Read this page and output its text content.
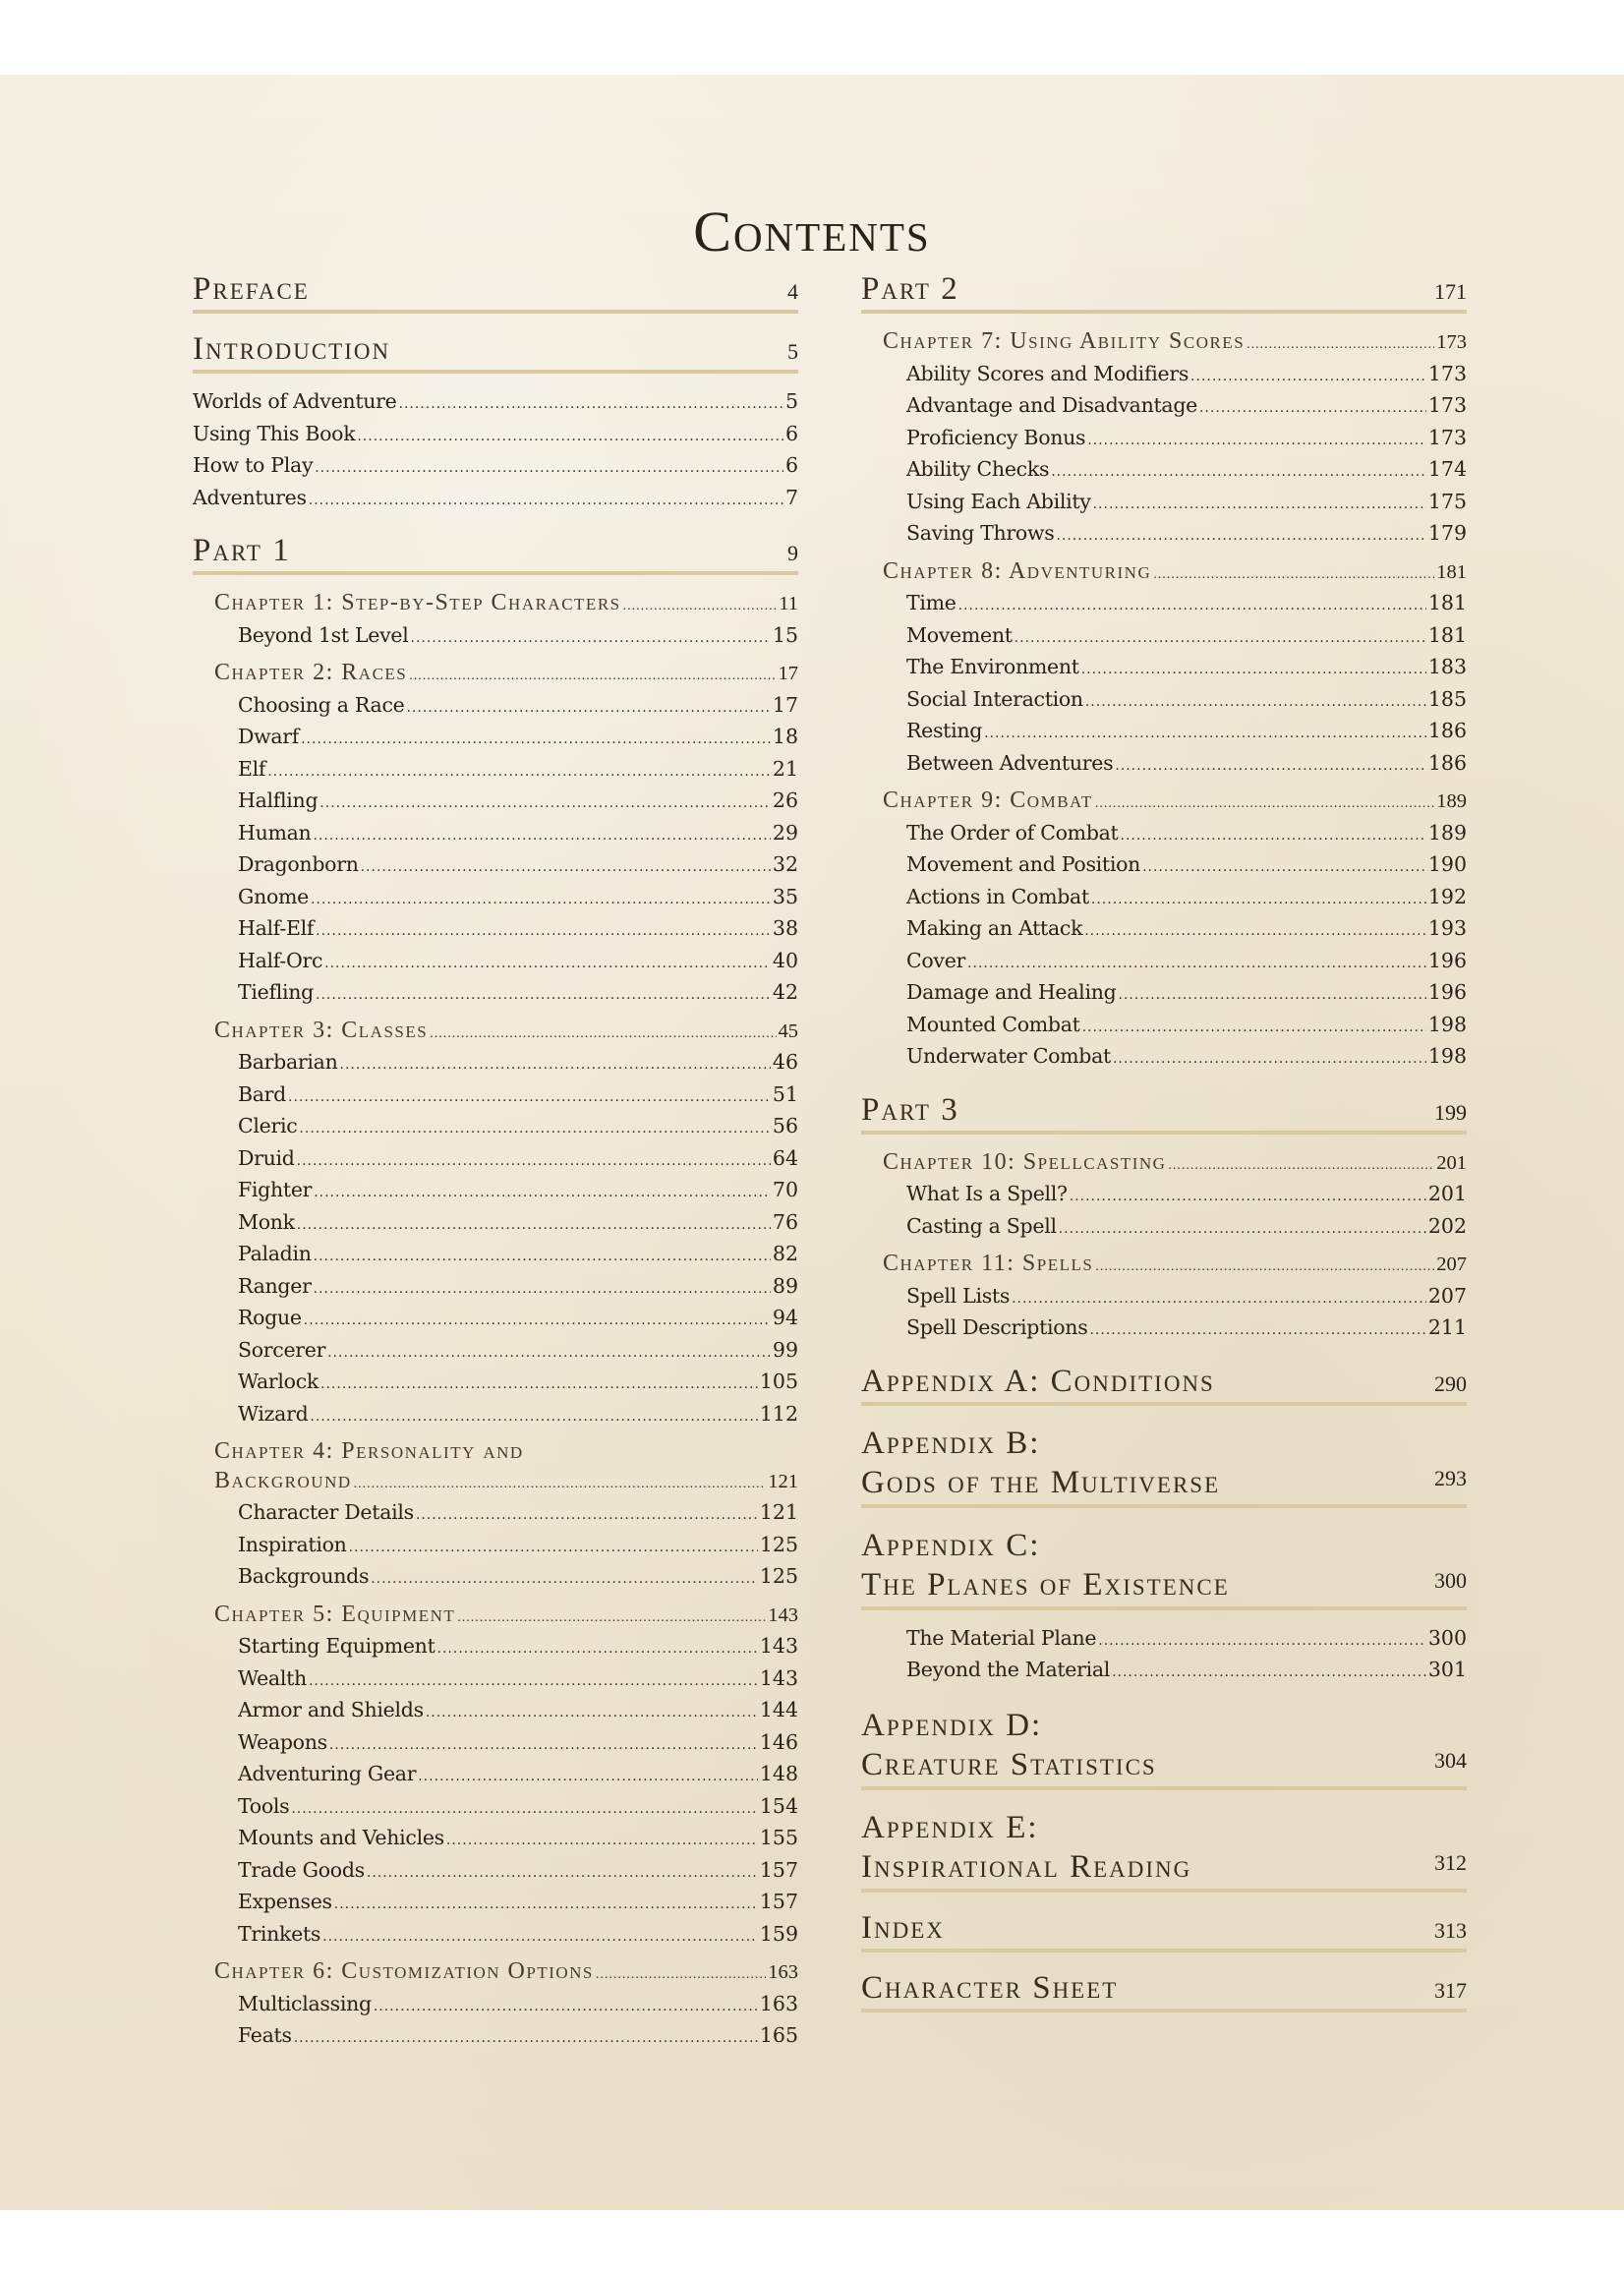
Contents
Preface	4
Introduction	5
Worlds of Adventure .....	5
Using This Book .....	6
How to Play .....	6
Adventures .....	7
Part 1	9
Chapter 1: Step-by-Step Characters .....	11
Beyond 1st Level .....	15
Chapter 2: Races .....	17
Choosing a Race .....	17
Dwarf .....	18
Elf .....	21
Halfling .....	26
Human .....	29
Dragonborn .....	32
Gnome .....	35
Half-Elf .....	38
Half-Orc .....	40
Tiefling .....	42
Chapter 3: Classes .....	45
Barbarian .....	46
Bard .....	51
Cleric .....	56
Druid .....	64
Fighter .....	70
Monk .....	76
Paladin .....	82
Ranger .....	89
Rogue .....	94
Sorcerer .....	99
Warlock .....	105
Wizard .....	112
Chapter 4: Personality and
Background .....	121
Character Details .....	121
Inspiration .....	125
Backgrounds .....	125
Chapter 5: Equipment .....	143
Starting Equipment .....	143
Wealth .....	143
Armor and Shields .....	144
Weapons .....	146
Adventuring Gear .....	148
Tools .....	154
Mounts and Vehicles .....	155
Trade Goods .....	157
Expenses .....	157
Trinkets .....	159
Chapter 6: Customization Options .....	163
Multiclassing .....	163
Feats .....	165
Part 2	171
Chapter 7: Using Ability Scores .....	173
Ability Scores and Modifiers .....	173
Advantage and Disadvantage .....	173
Proficiency Bonus .....	173
Ability Checks .....	174
Using Each Ability .....	175
Saving Throws .....	179
Chapter 8: Adventuring .....	181
Time .....	181
Movement .....	181
The Environment .....	183
Social Interaction .....	185
Resting .....	186
Between Adventures .....	186
Chapter 9: Combat .....	189
The Order of Combat .....	189
Movement and Position .....	190
Actions in Combat .....	192
Making an Attack .....	193
Cover .....	196
Damage and Healing .....	196
Mounted Combat .....	198
Underwater Combat .....	198
Part 3	199
Chapter 10: Spellcasting .....	201
What Is a Spell? .....	201
Casting a Spell .....	202
Chapter 11: Spells .....	207
Spell Lists .....	207
Spell Descriptions .....	211
Appendix A: Conditions	290
Appendix B:
Gods of the Multiverse	293
Appendix C:
The Planes of Existence	300
The Material Plane .....	300
Beyond the Material .....	301
Appendix D:
Creature Statistics	304
Appendix E:
Inspirational Reading	312
Index	313
Character Sheet	317
